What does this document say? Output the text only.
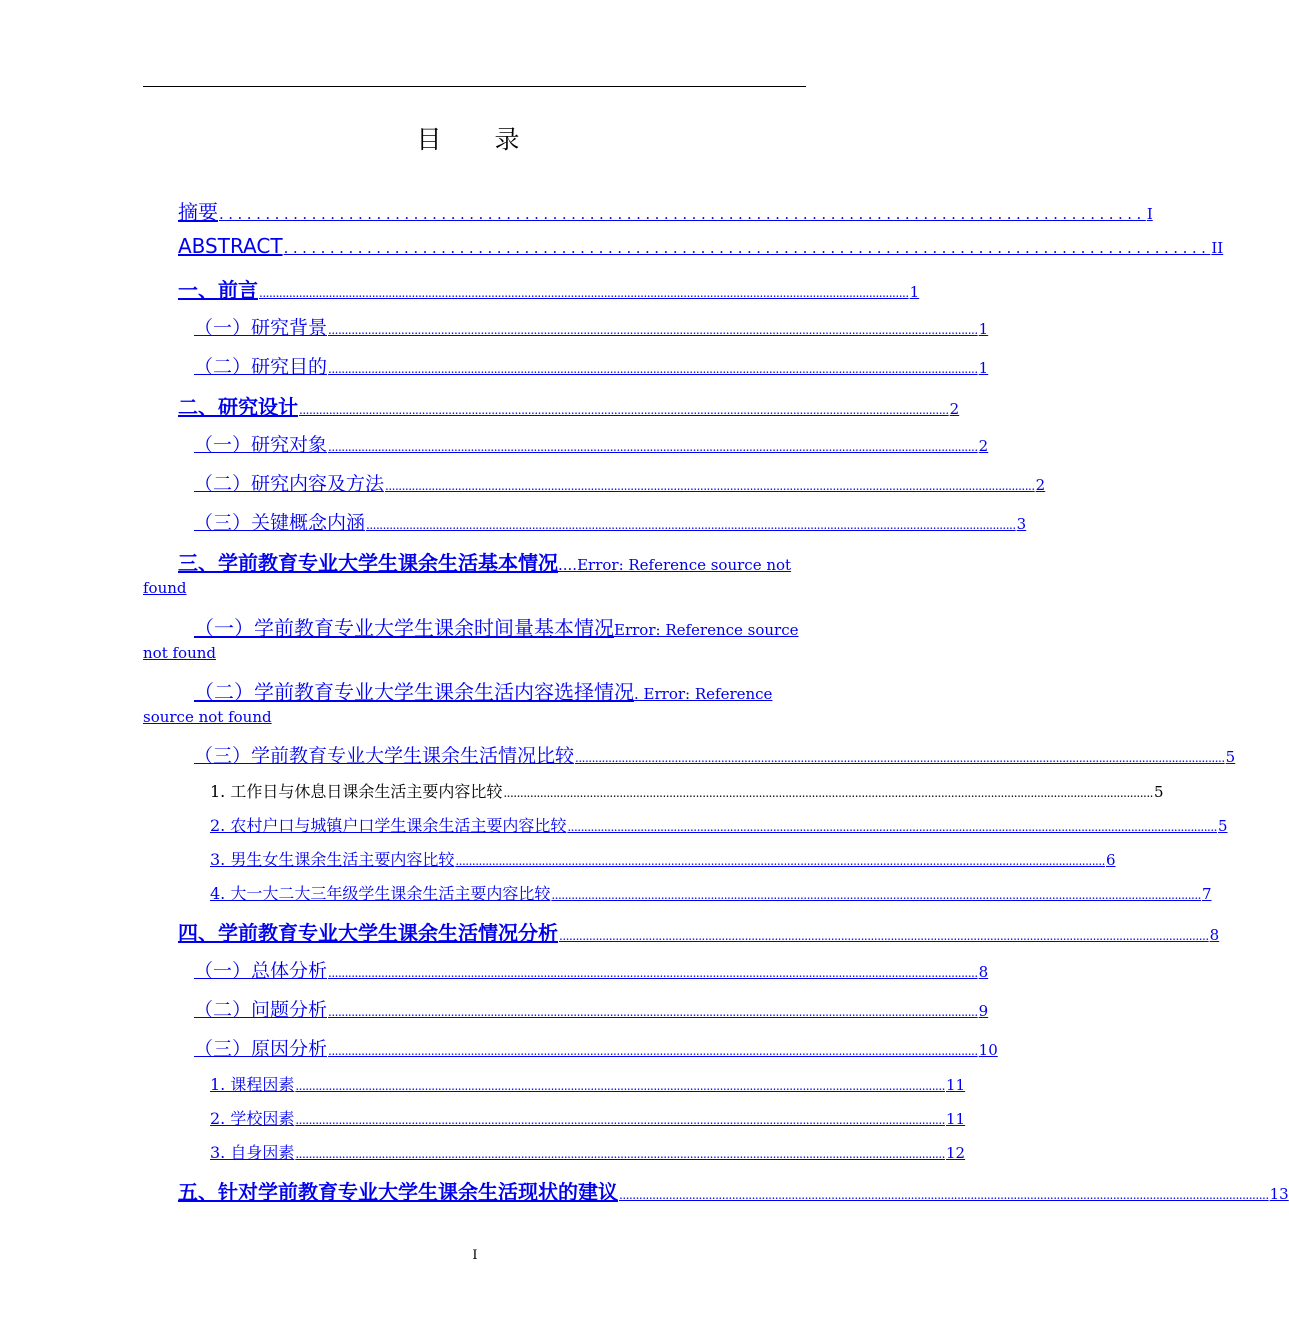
目　录
摘要 .................................................................................................... I
ABSTRACT .................................................................................................... II
一、前言 .................................................................................................................................................................................................... 1
（一）研究背景 .................................................................................................................................................................................................... 1
（二）研究目的 .................................................................................................................................................................................................... 1
二、研究设计 .................................................................................................................................................................................................... 2
（一）研究对象 .................................................................................................................................................................................................... 2
（二）研究内容及方法 .................................................................................................................................................................................................... 2
（三）关键概念内涵 .................................................................................................................................................................................................... 3
三、学前教育专业大学生课余生活基本情况 ....Error: Reference source not
found
（一）学前教育专业大学生课余时间量基本情况 Error: Reference source
not found
（二）学前教育专业大学生课余生活内容选择情况 . Error: Reference
source not found
（三）学前教育专业大学生课余生活情况比较 .................................................................................................................................................................................................... 5
1. 工作日与休息日课余生活主要内容比较 .................................................................................................................................................................................................... 5
2. 农村户口与城镇户口学生课余生活主要内容比较 .................................................................................................................................................................................................... 5
3. 男生女生课余生活主要内容比较 .................................................................................................................................................................................................... 6
4. 大一大二大三年级学生课余生活主要内容比较 .................................................................................................................................................................................................... 7
四、学前教育专业大学生课余生活情况分析 .................................................................................................................................................................................................... 8
（一）总体分析 .................................................................................................................................................................................................... 8
（二）问题分析 .................................................................................................................................................................................................... 9
（三）原因分析 .................................................................................................................................................................................................... 10
1. 课程因素 .................................................................................................................................................................................................... 11
2. 学校因素 .................................................................................................................................................................................................... 11
3. 自身因素 .................................................................................................................................................................................................... 12
五、针对学前教育专业大学生课余生活现状的建议 .................................................................................................................................................................................................... 13
I
